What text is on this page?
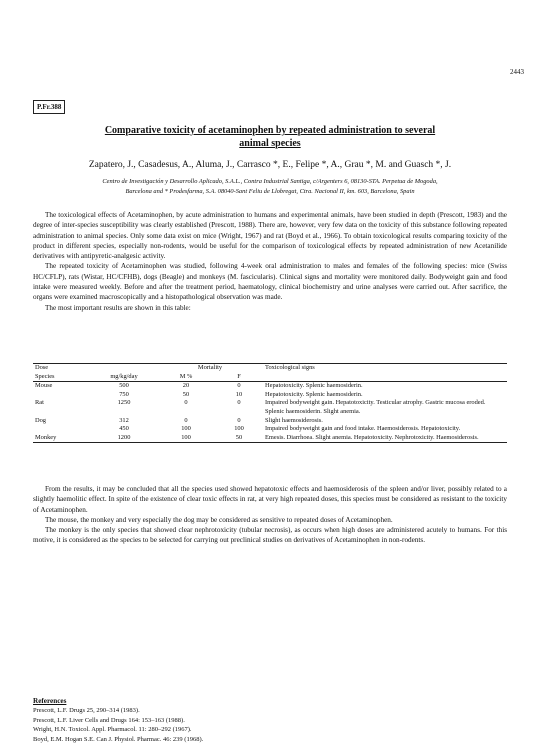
2443
P.Fr.388
Comparative toxicity of acetaminophen by repeated administration to several
animal species
Zapatero, J., Casadesus, A., Aluma, J., Carrasco *, E., Felipe *, A., Grau *, M. and Guasch *, J.
Centro de Investigación y Desarrollo Aplicado, S.A.L., Contra Industrial Santiga, c/Argenters 6, 08130-STA. Perpetua de Mogoda,
Barcelona and * Prodesfarma, S.A. 08040-Sant Feliu de Llobregat, Ctra. Nacional II, km. 603, Barcelona, Spain

The toxicological effects of Acetaminophen, by acute administration to humans and experimental animals, have been studied in depth (Prescott, 1983) and the degree of inter-species susceptibility was clearly established (Prescott, 1988). There are, however, very few data on the toxicity of this substance following repeated administration to animal species. Only some data exist on mice (Wright, 1967) and rat (Boyd et al., 1966). To obtain toxicological results comparing toxicity of the product in different species, especially non-rodents, would be useful for the comparison of toxicological effects by repeated administration of new Acetanilide derivatives with antipyretic-analgesic activity.

The repeated toxicity of Acetaminophen was studied, following 4-week oral administration to males and females of the following species: mice (Swiss HC/CFLP), rats (Wistar, HC/CFHB), dogs (Beagle) and monkeys (M. fascicularis). Clinical signs and mortality were monitored daily. Bodyweight gain and food intake were measured weekly. Before and after the treatment period, haematology, clinical biochemistry and urine analyses were carried out. After sacrifice, the organs were examined macroscopically and a histopathological observation was made.

The most important results are shown in this table:

Dose		Mortality		Toxicological signs
Species	mg/kg/day	M %	F	
Mouse	500	20	0	Hepatotoxicity. Splenic haemosiderin.
	750	50	10	Hepatotoxicity. Splenic haemosiderin.
Rat	1250	0	0	Impaired bodyweight gain. Hepatotoxicity. Testicular atrophy. Gastric mucosa eroded. Splenic haemosiderin. Slight anemia.
Dog	312	0	0	Slight haemosiderosis.
	450	100	100	Impaired bodyweight gain and food intake. Haemosiderosis. Hepatotoxicity.
Monkey	1200	100	50	Emesis. Diarrhoea. Slight anemia. Hepatotoxicity. Nephrotoxicity. Haemosiderosis.

From the results, it may be concluded that all the species used showed hepatotoxic effects and haemosiderosis of the spleen and/or liver, possibly related to a slightly haemolitic effect. In spite of the existence of clear toxic effects in rat, at very high repeated doses, this species must be considered as resistant to the toxicity of Acetaminophen.

The mouse, the monkey and very especially the dog may be considered as sensitive to repeated doses of Acetaminophen.

The monkey is the only species that showed clear nephrotoxicity (tubular necrosis), as occurs when high doses are administered acutely to humans. For this motive, it is considered as the species to be selected for carrying out preclinical studies on derivatives of Acetaminophen in non-rodents.

References
Prescott, L.F. Drugs 25, 290–314 (1983).
Prescott, L.F. Liver Cells and Drugs 164: 153–163 (1988).
Wright, H.N. Toxicol. Appl. Pharmacol. 11: 280–292 (1967).
Boyd, E.M. Hogan S.E. Can J. Physiol. Pharmac. 46: 239 (1968).
